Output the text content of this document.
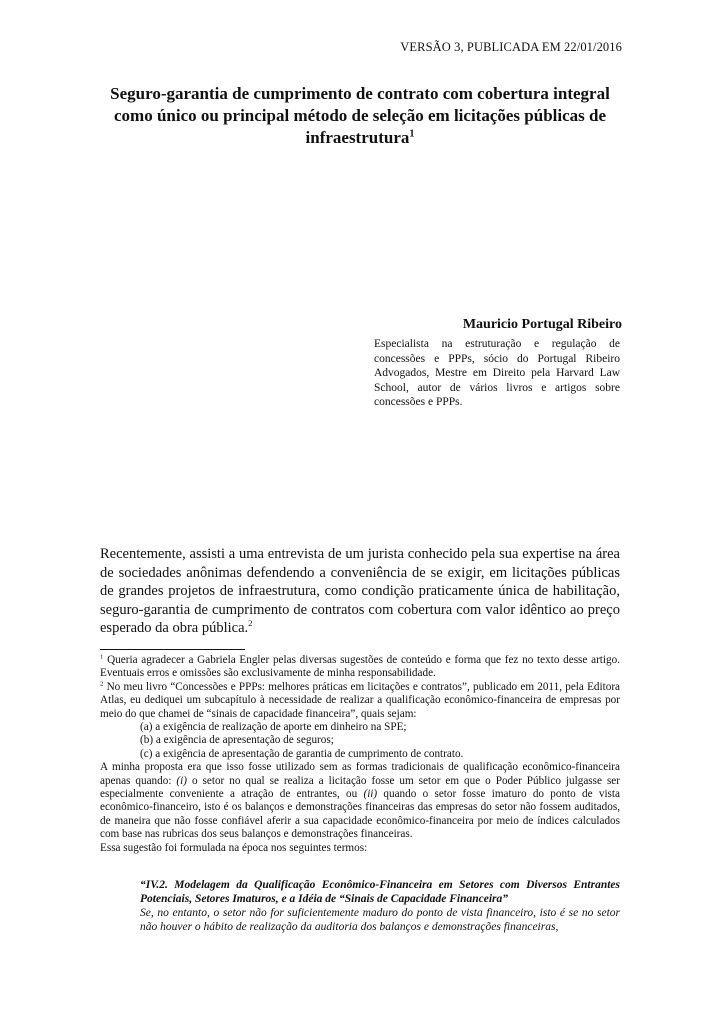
VERSÃO 3, PUBLICADA EM 22/01/2016
Seguro-garantia de cumprimento de contrato com cobertura integral como único ou principal método de seleção em licitações públicas de infraestrutura$^1$
Mauricio Portugal Ribeiro
Especialista na estruturação e regulação de concessões e PPPs, sócio do Portugal Ribeiro Advogados, Mestre em Direito pela Harvard Law School, autor de vários livros e artigos sobre concessões e PPPs.
Recentemente, assisti a uma entrevista de um jurista conhecido pela sua expertise na área de sociedades anônimas defendendo a conveniência de se exigir, em licitações públicas de grandes projetos de infraestrutura, como condição praticamente única de habilitação, seguro-garantia de cumprimento de contratos com cobertura com valor idêntico ao preço esperado da obra pública.$^2$

$^1$ Queria agradecer a Gabriela Engler pelas diversas sugestões de conteúdo e forma que fez no texto desse artigo. Eventuais erros e omissões são exclusivamente de minha responsabilidade.

$^2$ No meu livro “Concessões e PPPs: melhores práticas em licitações e contratos”, publicado em 2011, pela Editora Atlas, eu dediquei um subcapítulo à necessidade de realizar a qualificação econômico-financeira de empresas por meio do que chamei de “sinais de capacidade financeira”, quais sejam:

(a) a exigência de realização de aporte em dinheiro na SPE;

(b) a exigência de apresentação de seguros;

(c) a exigência de apresentação de garantia de cumprimento de contrato.

A minha proposta era que isso fosse utilizado sem as formas tradicionais de qualificação econômico-financeira apenas quando: (i) o setor no qual se realiza a licitação fosse um setor em que o Poder Público julgasse ser especialmente conveniente a atração de entrantes, ou (ii) quando o setor fosse imaturo do ponto de vista econômico-financeiro, isto é os balanços e demonstrações financeiras das empresas do setor não fossem auditados, de maneira que não fosse confiável aferir a sua capacidade econômico-financeira por meio de índices calculados com base nas rubricas dos seus balanços e demonstrações financeiras.

Essa sugestão foi formulada na época nos seguintes termos:

“IV.2. Modelagem da Qualificação Econômico-Financeira em Setores com Diversos Entrantes Potenciais, Setores Imaturos, e a Idéia de “Sinais de Capacidade Financeira”

Se, no entanto, o setor não for suficientemente maduro do ponto de vista financeiro, isto é se no setor não houver o hábito de realização da auditoria dos balanços e demonstrações financeiras,
